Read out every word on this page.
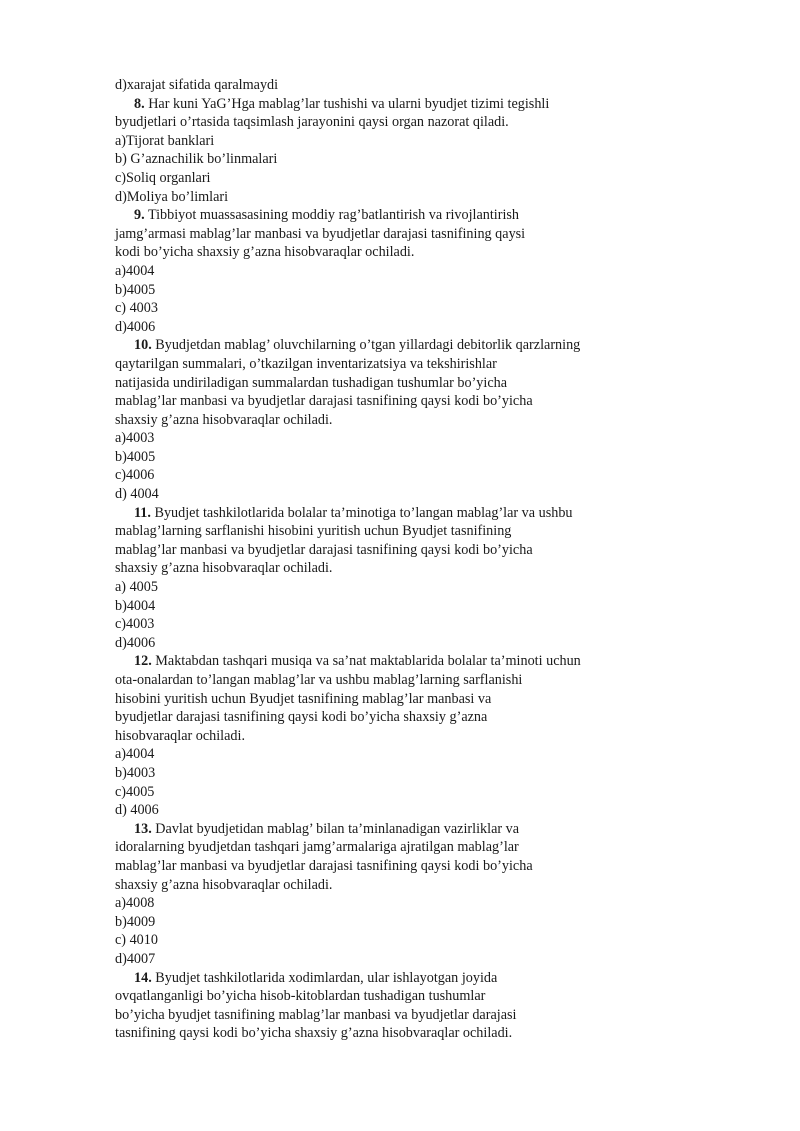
d)xarajat sifatida qaralmaydi
8. Har kuni YaG’Hga mablag’lar tushishi va ularni byudjet tizimi tegishli
byudjetlari o’rtasida taqsimlash jarayonini qaysi organ nazorat qiladi.
a)Tijorat banklari
b) G’aznachilik bo’linmalari
c)Soliq organlari
d)Moliya bo’limlari
9. Tibbiyot muassasasining moddiy rag’batlantirish va rivojlantirish
jamg’armasi mablag’lar manbasi va byudjetlar darajasi tasnifining qaysi
kodi bo’yicha shaxsiy g’azna hisobvaraqlar ochiladi.
a)4004
b)4005
c) 4003
d)4006
10. Byudjetdan mablag’ oluvchilarning o’tgan yillardagi debitorlik qarzlarning
qaytarilgan summalari, o’tkazilgan inventarizatsiya va tekshirishlar
natijasida undiriladigan summalardan tushadigan tushumlar bo’yicha
mablag’lar manbasi va byudjetlar darajasi tasnifining qaysi kodi bo’yicha
shaxsiy g’azna hisobvaraqlar ochiladi.
a)4003
b)4005
c)4006
d) 4004
11. Byudjet tashkilotlarida bolalar ta’minotiga to’langan mablag’lar va ushbu
mablag’larning sarflanishi hisobini yuritish uchun Byudjet tasnifining
mablag’lar manbasi va byudjetlar darajasi tasnifining qaysi kodi bo’yicha
shaxsiy g’azna hisobvaraqlar ochiladi.
a) 4005
b)4004
c)4003
d)4006
12. Maktabdan tashqari musiqa va sa’nat maktablarida bolalar ta’minoti uchun
ota-onalardan to’langan mablag’lar va ushbu mablag’larning sarflanishi
hisobini yuritish uchun Byudjet tasnifining mablag’lar manbasi va
byudjetlar darajasi tasnifining qaysi kodi bo’yicha shaxsiy g’azna
hisobvaraqlar ochiladi.
a)4004
b)4003
c)4005
d) 4006
13. Davlat byudjetidan mablag’ bilan ta’minlanadigan vazirliklar va
idoralarning byudjetdan tashqari jamg’armalariga ajratilgan mablag’lar
mablag’lar manbasi va byudjetlar darajasi tasnifining qaysi kodi bo’yicha
shaxsiy g’azna hisobvaraqlar ochiladi.
a)4008
b)4009
c) 4010
d)4007
14. Byudjet tashkilotlarida xodimlardan, ular ishlayotgan joyida
ovqatlanganligi bo’yicha hisob-kitoblardan tushadigan tushumlar
bo’yicha byudjet tasnifining mablag’lar manbasi va byudjetlar darajasi
tasnifining qaysi kodi bo’yicha shaxsiy g’azna hisobvaraqlar ochiladi.
